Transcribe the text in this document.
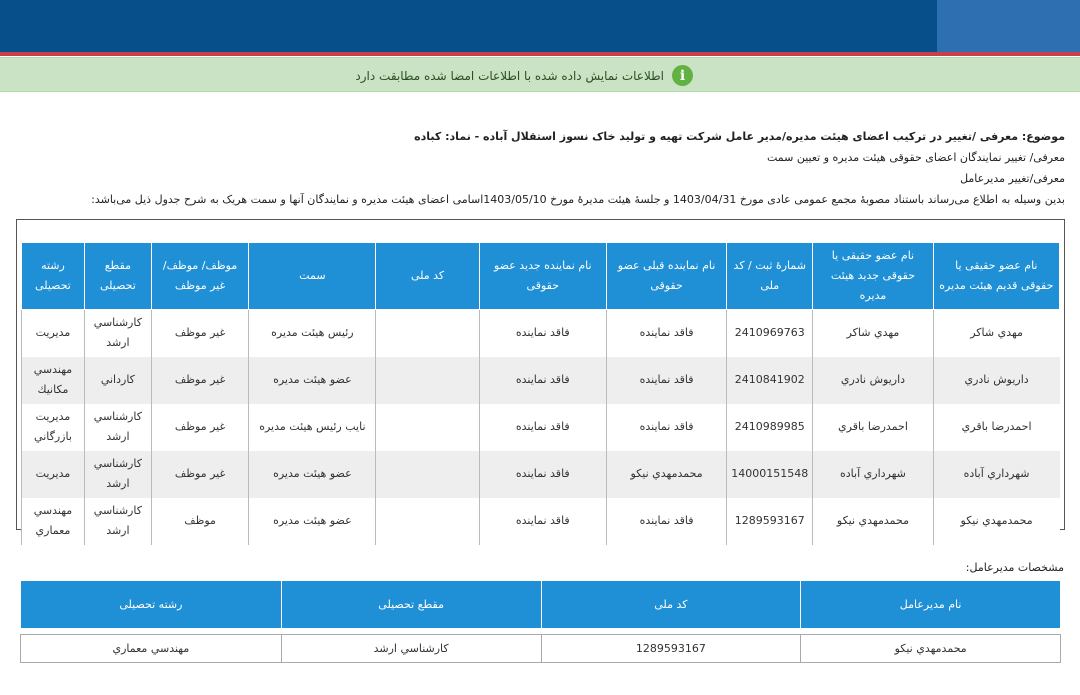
i
اطلاعات نمایش داده شده با اطلاعات امضا شده مطابقت دارد

موضوع: معرفی /تغییر در ترکیب اعضای هیئت مدیره/مدیر عامل شرکت تهیه و تولید خاک نسوز استقلال آباده - نماد: کباده

معرفی/ تغییر نمایندگان اعضای حقوقی هیئت مدیره و تعیین سمت

معرفی/تغییر مدیرعامل

بدین وسیله به اطلاع می‌رساند باستناد مصوبهٔ مجمع عمومی عادی مورخ 1403/04/31 و جلسهٔ هیئت مدیرهٔ مورخ 1403/05/10اسامی اعضای هیئت مدیره و نمایندگان آنها و سمت هریک به شرح جدول ذیل می‌باشد:

نام عضو حقیقی یا حقوقی قدیم هیئت مدیره	نام عضو حقیقی یا حقوقی جدید هیئت مدیره	شمارهٔ ثبت / کد ملی	نام نماینده قبلی عضو حقوقی	نام نماینده جدید عضو حقوقی	کد ملی	سمت	موظف/ موظف/غیر موظف	مقطع تحصیلی	رشته تحصیلی
مهدي شاكر	مهدي شاكر	2410969763	فاقد نماینده	فاقد نماینده		رئیس هیئت مدیره	غیر موظف	كارشناسي ارشد	مديريت
داريوش نادري	داريوش نادري	2410841902	فاقد نماینده	فاقد نماینده		عضو هیئت مدیره	غیر موظف	كارداني	مهندسي مكانيك
احمدرضا باقري	احمدرضا باقري	2410989985	فاقد نماینده	فاقد نماینده		نایب رئیس هیئت مدیره	غیر موظف	كارشناسي ارشد	مديريت بازرگاني
شهرداري آباده	شهرداري آباده	14000151548	محمدمهدي نيكو	فاقد نماینده		عضو هیئت مدیره	غیر موظف	كارشناسي ارشد	مديريت
محمدمهدي نيكو	محمدمهدي نيكو	1289593167	فاقد نماینده	فاقد نماینده		عضو هیئت مدیره	موظف	كارشناسي ارشد	مهندسي معماري
مشخصات مدیرعامل:
نام مدیرعامل	کد ملی	مقطع تحصیلی	رشته تحصیلی

محمدمهدي نيكو	1289593167	كارشناسي ارشد	مهندسي معماري
